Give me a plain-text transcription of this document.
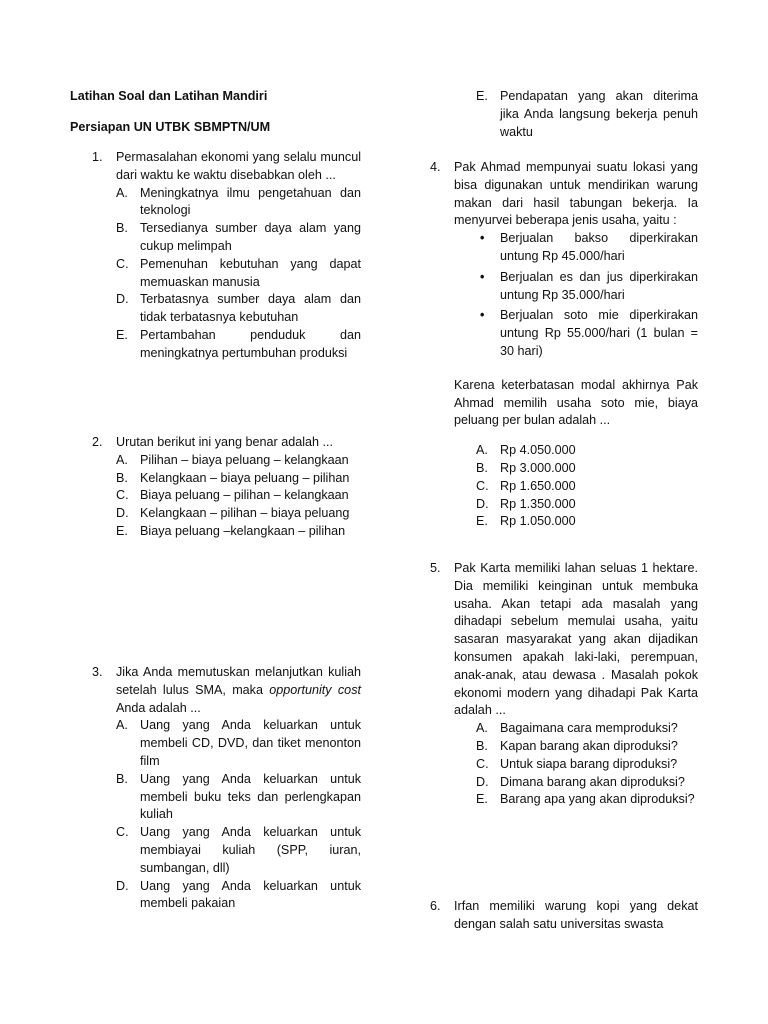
Latihan Soal dan Latihan Mandiri
Persiapan UN UTBK SBMPTN/UM
1.	Permasalahan ekonomi yang selalu muncul dari waktu ke waktu disebabkan oleh ...
A. Meningkatnya ilmu pengetahuan dan teknologi
B. Tersedianya sumber daya alam yang cukup melimpah
C. Pemenuhan kebutuhan yang dapat memuaskan manusia
D. Terbatasnya sumber daya alam dan tidak terbatasnya kebutuhan
E. Pertambahan penduduk dan meningkatnya pertumbuhan produksi
2.	Urutan berikut ini yang benar adalah ...
A. Pilihan – biaya peluang – kelangkaan
B. Kelangkaan – biaya peluang – pilihan
C. Biaya peluang – pilihan – kelangkaan
D. Kelangkaan – pilihan – biaya peluang
E. Biaya peluang –kelangkaan – pilihan
3.	Jika Anda memutuskan melanjutkan kuliah setelah lulus SMA, maka opportunity cost Anda adalah ...
A. Uang yang Anda keluarkan untuk membeli CD, DVD, dan tiket menonton film
B. Uang yang Anda keluarkan untuk membeli buku teks dan perlengkapan kuliah
C. Uang yang Anda keluarkan untuk membiayai kuliah (SPP, iuran, sumbangan, dll)
D. Uang yang Anda keluarkan untuk membeli pakaian
E. Pendapatan yang akan diterima jika Anda langsung bekerja penuh waktu
4.	Pak Ahmad mempunyai suatu lokasi yang bisa digunakan untuk mendirikan warung makan dari hasil tabungan bekerja. Ia menyurvei beberapa jenis usaha, yaitu :
• Berjualan bakso diperkirakan untung Rp 45.000/hari
• Berjualan es dan jus diperkirakan untung Rp 35.000/hari
• Berjualan soto mie diperkirakan untung Rp 55.000/hari (1 bulan = 30 hari)
Karena keterbatasan modal akhirnya Pak Ahmad memilih usaha soto mie, biaya peluang per bulan adalah ...
A. Rp 4.050.000
B. Rp 3.000.000
C. Rp 1.650.000
D. Rp 1.350.000
E. Rp 1.050.000
5.	Pak Karta memiliki lahan seluas 1 hektare. Dia memiliki keinginan untuk membuka usaha. Akan tetapi ada masalah yang dihadapi sebelum memulai usaha, yaitu sasaran masyarakat yang akan dijadikan konsumen apakah laki-laki, perempuan, anak-anak, atau dewasa . Masalah pokok ekonomi modern yang dihadapi Pak Karta adalah ...
A. Bagaimana cara memproduksi?
B. Kapan barang akan diproduksi?
C. Untuk siapa barang diproduksi?
D. Dimana barang akan diproduksi?
E. Barang apa yang akan diproduksi?
6.	Irfan memiliki warung kopi yang dekat dengan salah satu universitas swasta
